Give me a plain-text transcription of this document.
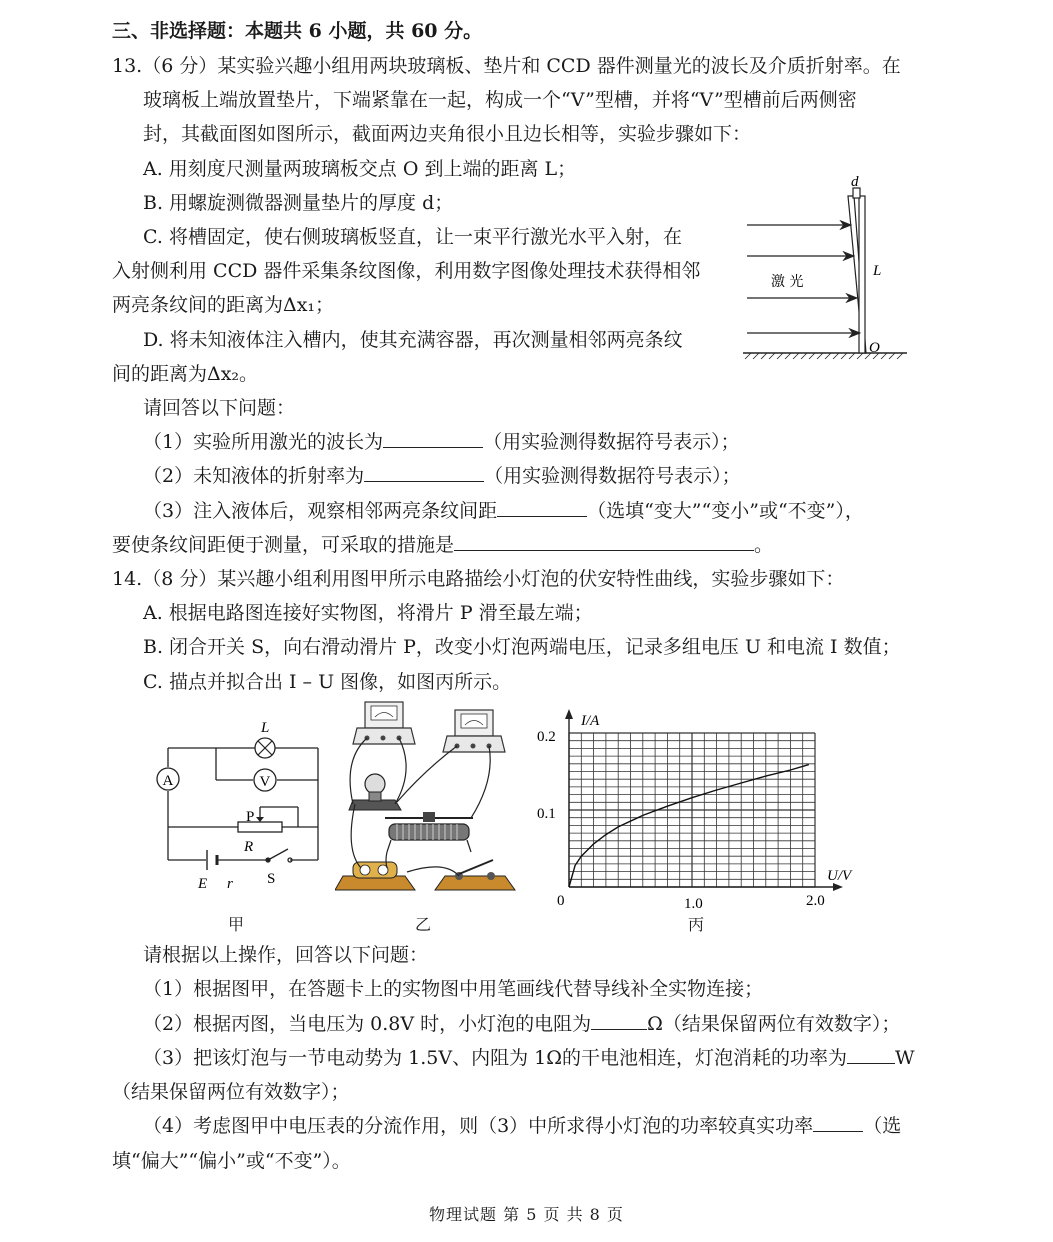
三、非选择题：本题共 6 小题，共 60 分。
13.（6 分）某实验兴趣小组用两块玻璃板、垫片和 CCD 器件测量光的波长及介质折射率。在
玻璃板上端放置垫片，下端紧靠在一起，构成一个“V”型槽，并将“V”型槽前后两侧密
封，其截面图如图所示，截面两边夹角很小且边长相等，实验步骤如下：
A. 用刻度尺测量两玻璃板交点 O 到上端的距离 L；
B. 用螺旋测微器测量垫片的厚度 d；
C. 将槽固定，使右侧玻璃板竖直，让一束平行激光水平入射，在
入射侧利用 CCD 器件采集条纹图像，利用数字图像处理技术获得相邻
两亮条纹间的距离为Δx₁；
D. 将未知液体注入槽内，使其充满容器，再次测量相邻两亮条纹
间的距离为Δx₂。
请回答以下问题：
（1）实验所用激光的波长为	（用实验测得数据符号表示）；
（2）未知液体的折射率为	（用实验测得数据符号表示）；
（3）注入液体后，观察相邻两亮条纹间距	（选填“变大”“变小”或“不变”），
要使条纹间距便于测量，可采取的措施是	。
d
L
O
激 光
14.（8 分）某兴趣小组利用图甲所示电路描绘小灯泡的伏安特性曲线，实验步骤如下：
A. 根据电路图连接好实物图，将滑片 P 滑至最左端；
B. 闭合开关 S，向右滑动滑片 P，改变小灯泡两端电压，记录多组电压 U 和电流 I 数值；
C. 描点并拟合出 I – U 图像，如图丙所示。
A	V
L
P
R
E r S
I/A
U/V
0.2
0.1
0	1.0	2.0
甲	乙	丙
请根据以上操作，回答以下问题：
（1）根据图甲，在答题卡上的实物图中用笔画线代替导线补全实物连接；
（2）根据丙图，当电压为 0.8V 时，小灯泡的电阻为	Ω（结果保留两位有效数字）；
（3）把该灯泡与一节电动势为 1.5V、内阻为 1Ω的干电池相连，灯泡消耗的功率为	W
（结果保留两位有效数字）；
（4）考虑图甲中电压表的分流作用，则（3）中所求得小灯泡的功率较真实功率	（选
填“偏大”“偏小”或“不变”）。
物理试题 第 5 页 共 8 页
